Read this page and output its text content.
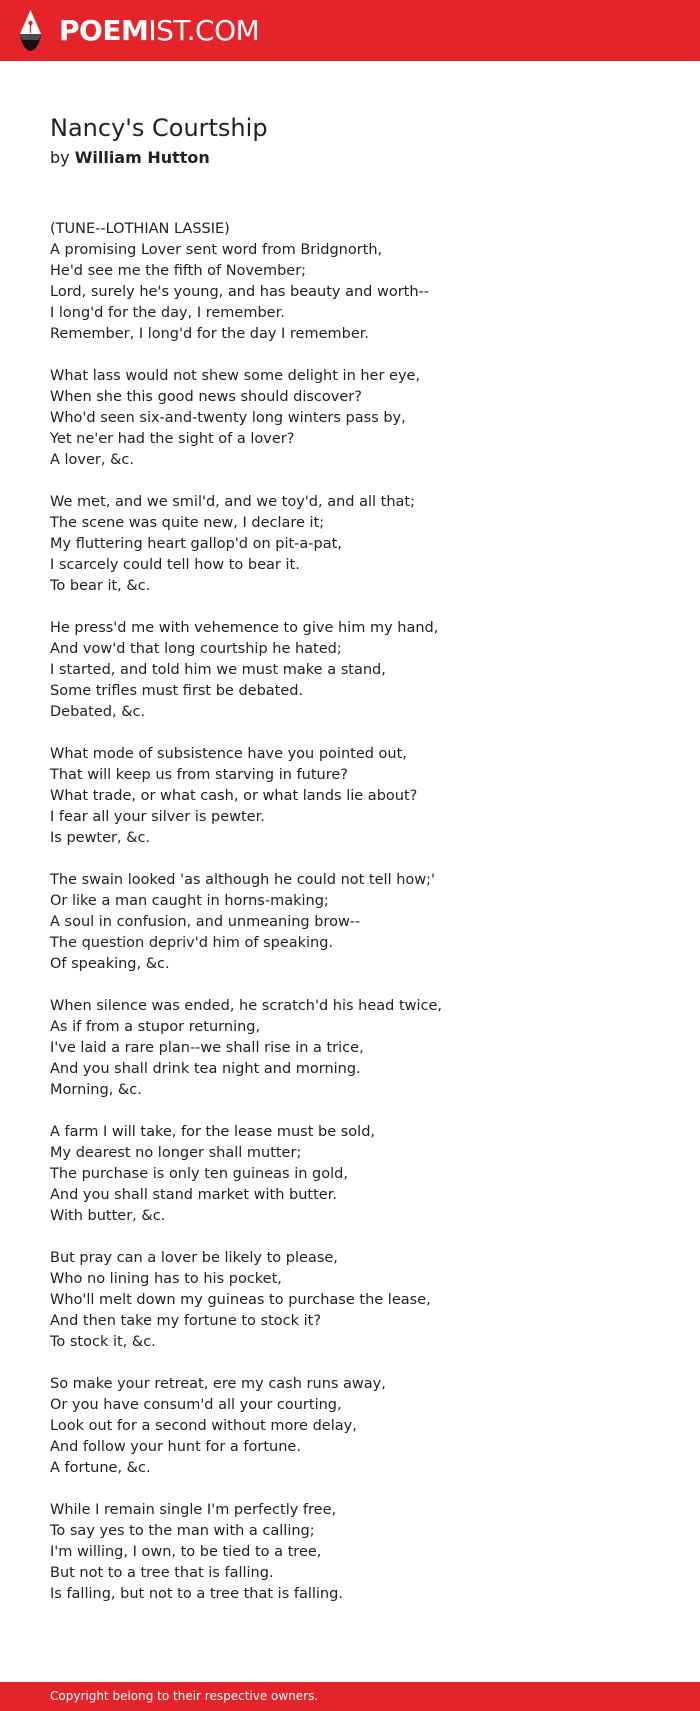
POEMIST.COM
Nancy's Courtship
by William Hutton
(TUNE--LOTHIAN LASSIE)
A promising Lover sent word from Bridgnorth,
He'd see me the fifth of November;
Lord, surely he's young, and has beauty and worth--
I long'd for the day, I remember.
Remember, I long'd for the day I remember.
What lass would not shew some delight in her eye,
When she this good news should discover?
Who'd seen six-and-twenty long winters pass by,
Yet ne'er had the sight of a lover?
A lover, &c.
We met, and we smil'd, and we toy'd, and all that;
The scene was quite new, I declare it;
My fluttering heart gallop'd on pit-a-pat,
I scarcely could tell how to bear it.
To bear it, &c.
He press'd me with vehemence to give him my hand,
And vow'd that long courtship he hated;
I started, and told him we must make a stand,
Some trifles must first be debated.
Debated, &c.
What mode of subsistence have you pointed out,
That will keep us from starving in future?
What trade, or what cash, or what lands lie about?
I fear all your silver is pewter.
Is pewter, &c.
The swain looked 'as although he could not tell how;'
Or like a man caught in horns-making;
A soul in confusion, and unmeaning brow--
The question depriv'd him of speaking.
Of speaking, &c.
When silence was ended, he scratch'd his head twice,
As if from a stupor returning,
I've laid a rare plan--we shall rise in a trice,
And you shall drink tea night and morning.
Morning, &c.
A farm I will take, for the lease must be sold,
My dearest no longer shall mutter;
The purchase is only ten guineas in gold,
And you shall stand market with butter.
With butter, &c.
But pray can a lover be likely to please,
Who no lining has to his pocket,
Who'll melt down my guineas to purchase the lease,
And then take my fortune to stock it?
To stock it, &c.
So make your retreat, ere my cash runs away,
Or you have consum'd all your courting,
Look out for a second without more delay,
And follow your hunt for a fortune.
A fortune, &c.
While I remain single I'm perfectly free,
To say yes to the man with a calling;
I'm willing, I own, to be tied to a tree,
But not to a tree that is falling.
Is falling, but not to a tree that is falling.
Copyright belong to their respective owners.
